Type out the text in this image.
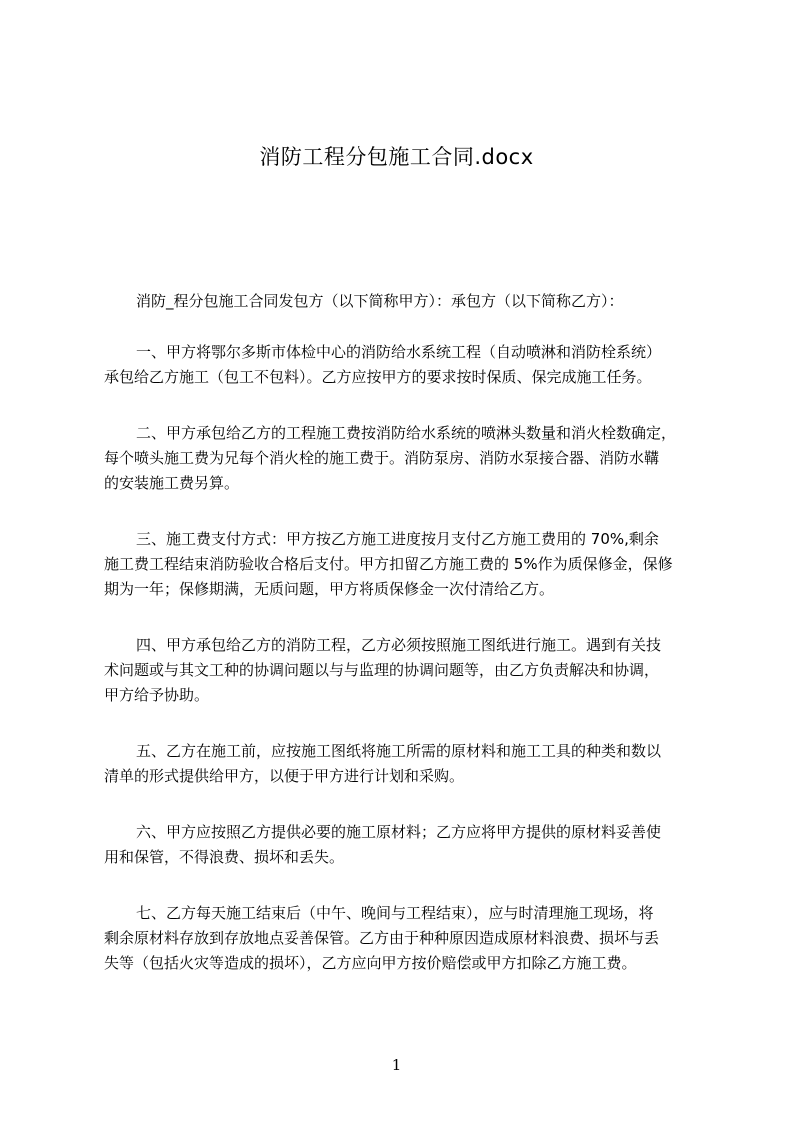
消防工程分包施工合同.docx
消防_程分包施工合同发包方（以下简称甲方）：承包方（以下简称乙方）：
一、甲方将鄂尔多斯市体检中心的消防给水系统工程（自动喷淋和消防栓系统）
承包给乙方施工（包工不包料）。乙方应按甲方的要求按时保质、保完成施工任务。
二、甲方承包给乙方的工程施工费按消防给水系统的喷淋头数量和消火栓数确定，
每个喷头施工费为兄每个消火栓的施工费于。消防泵房、消防水泵接合器、消防水鞲
的安装施工费另算。
三、施工费支付方式：甲方按乙方施工进度按月支付乙方施工费用的 70%,剩余
施工费工程结束消防验收合格后支付。甲方扣留乙方施工费的 5%作为质保修金，保修
期为一年；保修期满，无质问题，甲方将质保修金一次付清给乙方。
四、甲方承包给乙方的消防工程，乙方必须按照施工图纸进行施工。遇到有关技
术问题或与其文工种的协调问题以与与监理的协调问题等，由乙方负责解决和协调，
甲方给予协助。
五、乙方在施工前，应按施工图纸将施工所需的原材料和施工工具的种类和数以
清单的形式提供给甲方，以便于甲方进行计划和采购。
六、甲方应按照乙方提供必要的施工原材料；乙方应将甲方提供的原材料妥善使
用和保管，不得浪费、损坏和丢失。
七、乙方每天施工结束后（中午、晚间与工程结束），应与时清理施工现场，将
剩余原材料存放到存放地点妥善保管。乙方由于种种原因造成原材料浪费、损坏与丢
失等（包括火灾等造成的损坏），乙方应向甲方按价赔偿或甲方扣除乙方施工费。
1
